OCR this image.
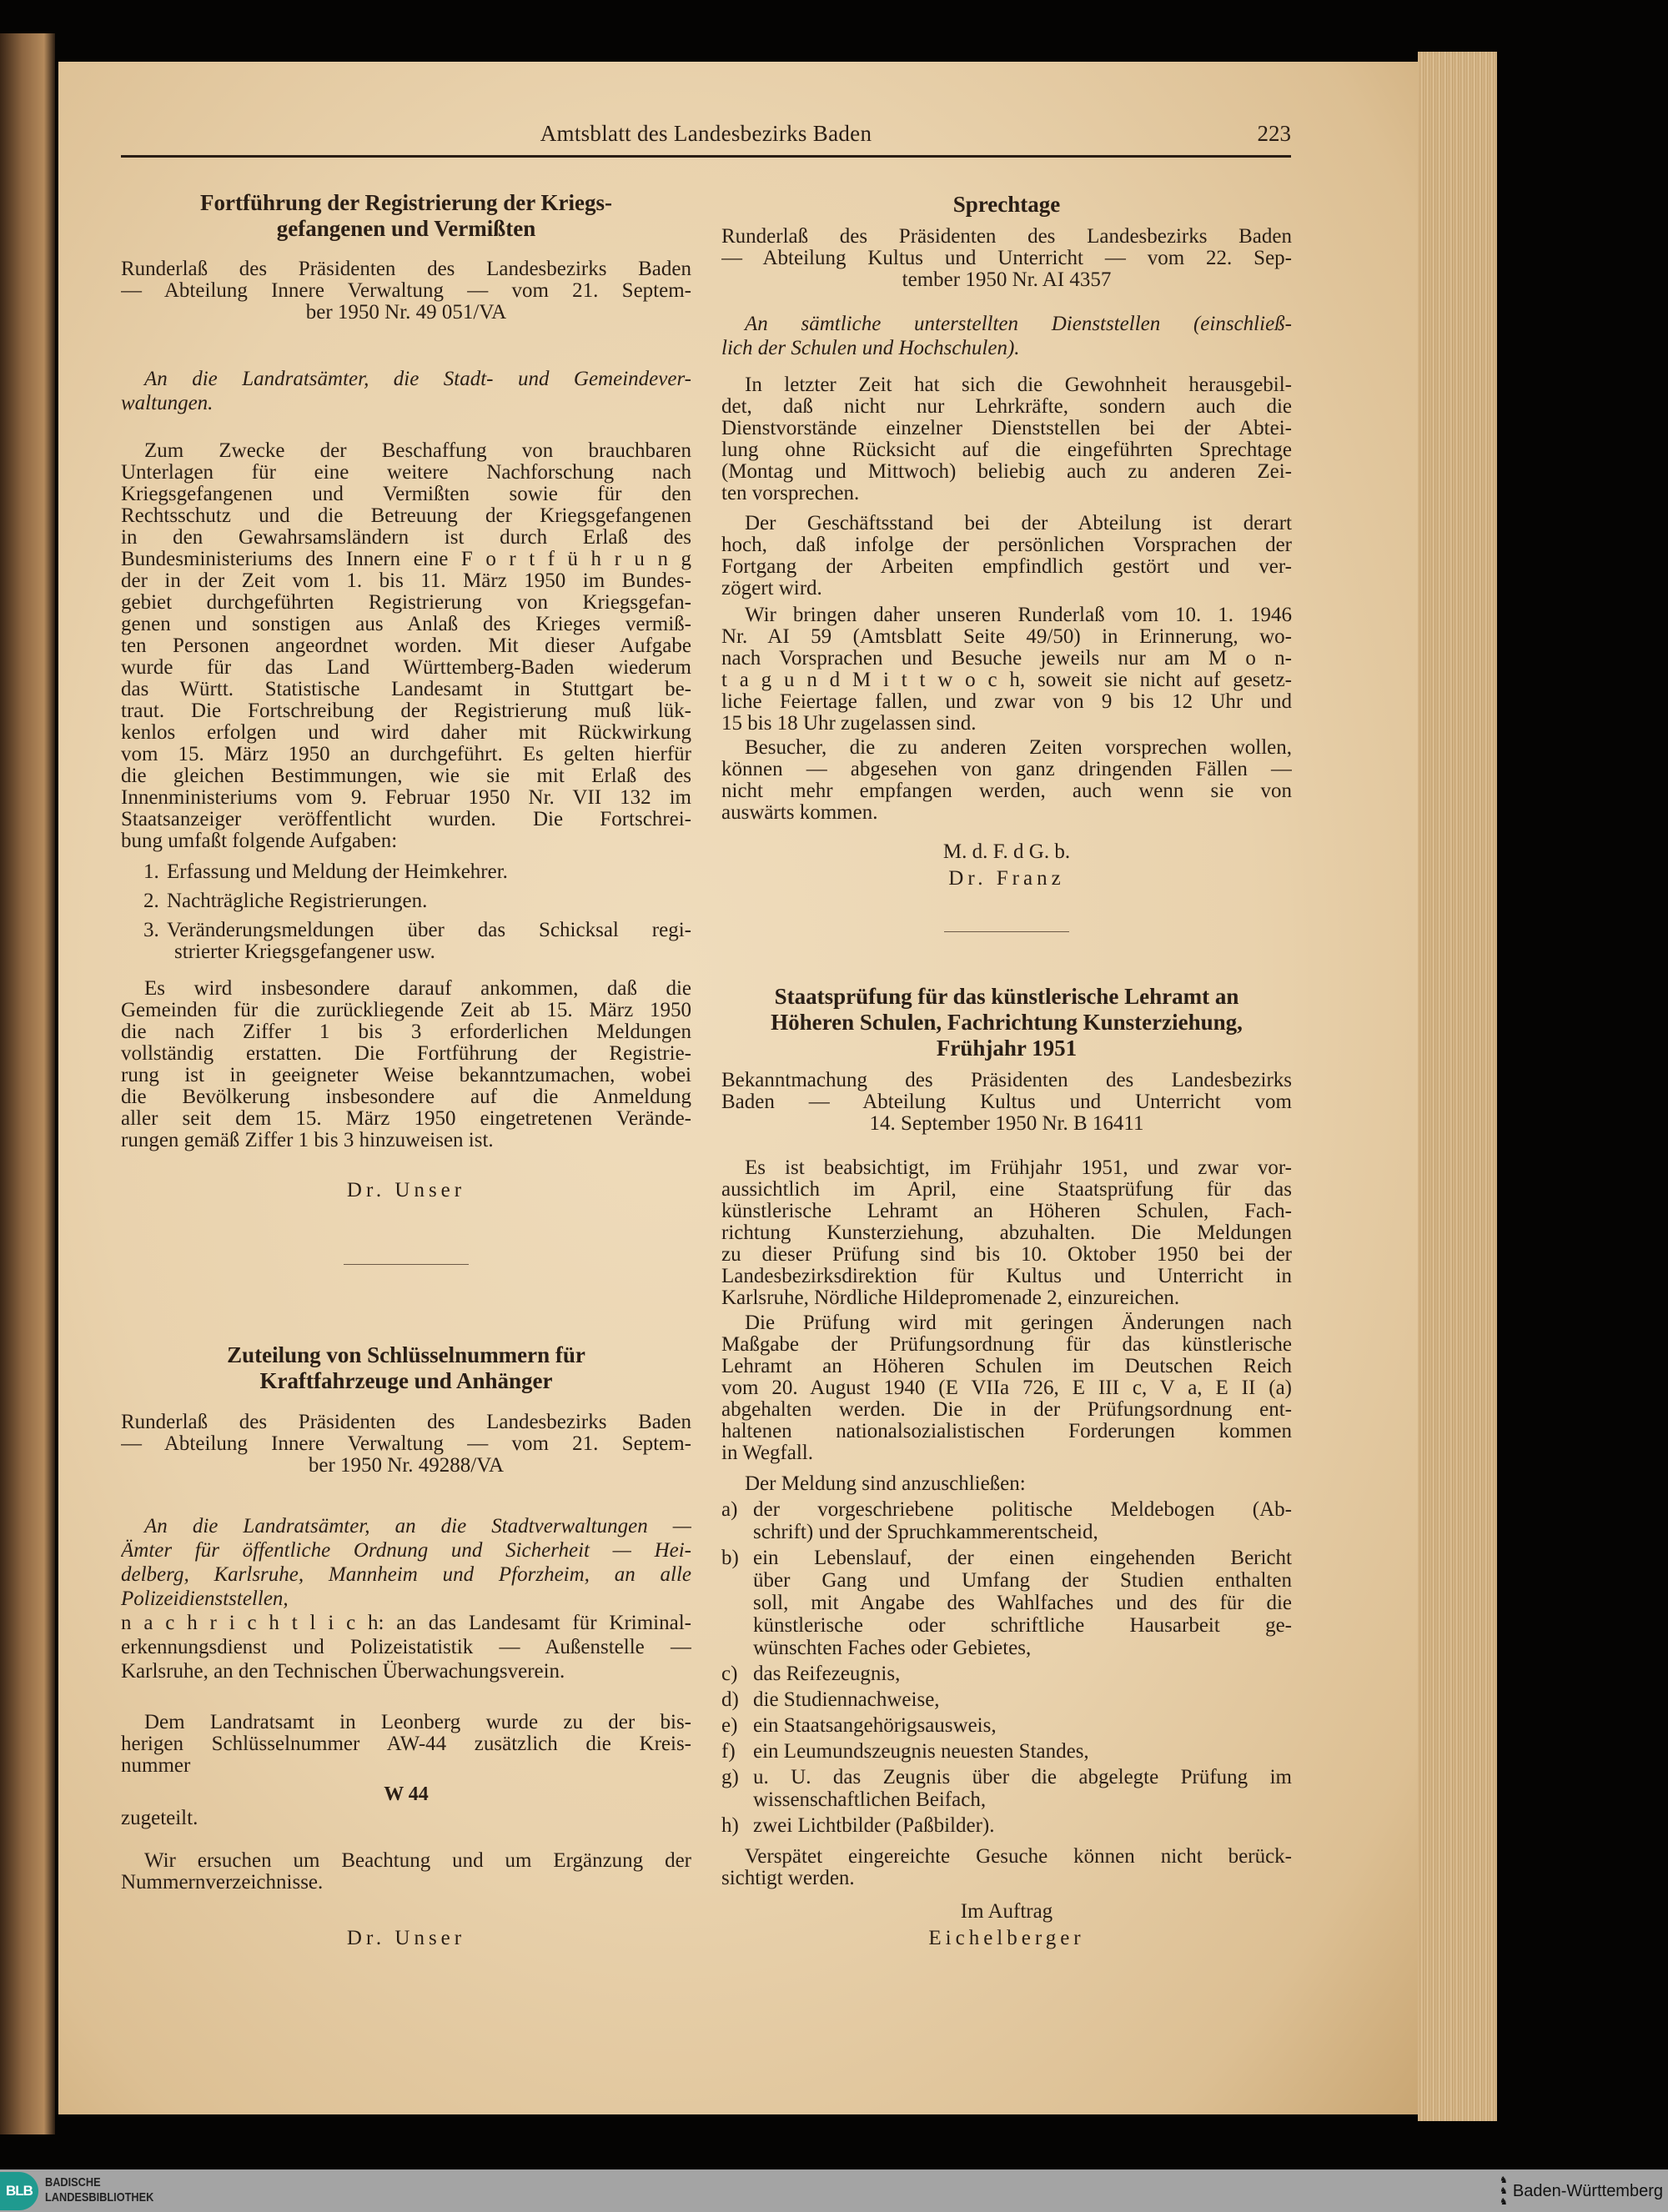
Amtsblatt des Landesbezirks Baden	223
Fortführung der Registrierung der Kriegs-
gefangenen und Vermißten
Runderlaß des Präsidenten des Landesbezirks Baden
— Abteilung Innere Verwaltung — vom 21. Septem-
ber 1950 Nr. 49 051/VA
An die Landratsämter, die Stadt- und Gemeindever-
waltungen.
Zum Zwecke der Beschaffung von brauchbaren
Unterlagen für eine weitere Nachforschung nach
Kriegsgefangenen und Vermißten sowie für den
Rechtsschutz und die Betreuung der Kriegsgefangenen
in den Gewahrsamsländern ist durch Erlaß des
Bundesministeriums des Innern eine F o r t f ü h r u n g
der in der Zeit vom 1. bis 11. März 1950 im Bundes-
gebiet durchgeführten Registrierung von Kriegsgefan-
genen und sonstigen aus Anlaß des Krieges vermiß-
ten Personen angeordnet worden. Mit dieser Aufgabe
wurde für das Land Württemberg-Baden wiederum
das Württ. Statistische Landesamt in Stuttgart be-
traut. Die Fortschreibung der Registrierung muß lük-
kenlos erfolgen und wird daher mit Rückwirkung
vom 15. März 1950 an durchgeführt. Es gelten hierfür
die gleichen Bestimmungen, wie sie mit Erlaß des
Innenministeriums vom 9. Februar 1950 Nr. VII 132 im
Staatsanzeiger veröffentlicht wurden. Die Fortschrei-
bung umfaßt folgende Aufgaben:
1. Erfassung und Meldung der Heimkehrer.
2. Nachträgliche Registrierungen.
3. Veränderungsmeldungen über das Schicksal regi-
strierter Kriegsgefangener usw.
Es wird insbesondere darauf ankommen, daß die
Gemeinden für die zurückliegende Zeit ab 15. März 1950
die nach Ziffer 1 bis 3 erforderlichen Meldungen
vollständig erstatten. Die Fortführung der Registrie-
rung ist in geeigneter Weise bekanntzumachen, wobei
die Bevölkerung insbesondere auf die Anmeldung
aller seit dem 15. März 1950 eingetretenen Verände-
rungen gemäß Ziffer 1 bis 3 hinzuweisen ist.
Dr. Unser
Zuteilung von Schlüsselnummern für
Kraftfahrzeuge und Anhänger
Runderlaß des Präsidenten des Landesbezirks Baden
— Abteilung Innere Verwaltung — vom 21. Septem-
ber 1950 Nr. 49288/VA
An die Landratsämter, an die Stadtverwaltungen —
Ämter für öffentliche Ordnung und Sicherheit — Hei-
delberg, Karlsruhe, Mannheim und Pforzheim, an alle
Polizeidienststellen,
n a c h r i c h t l i c h: an das Landesamt für Kriminal-
erkennungsdienst und Polizeistatistik — Außenstelle —
Karlsruhe, an den Technischen Überwachungsverein.
Dem Landratsamt in Leonberg wurde zu der bis-
herigen Schlüsselnummer AW-44 zusätzlich die Kreis-
nummer
W 44
zugeteilt.
Wir ersuchen um Beachtung und um Ergänzung der
Nummernverzeichnisse.
Dr. Unser
Sprechtage
Runderlaß des Präsidenten des Landesbezirks Baden
— Abteilung Kultus und Unterricht — vom 22. Sep-
tember 1950 Nr. AI 4357
An sämtliche unterstellten Dienststellen (einschließ-
lich der Schulen und Hochschulen).
In letzter Zeit hat sich die Gewohnheit herausgebil-
det, daß nicht nur Lehrkräfte, sondern auch die
Dienstvorstände einzelner Dienststellen bei der Abtei-
lung ohne Rücksicht auf die eingeführten Sprechtage
(Montag und Mittwoch) beliebig auch zu anderen Zei-
ten vorsprechen.
Der Geschäftsstand bei der Abteilung ist derart
hoch, daß infolge der persönlichen Vorsprachen der
Fortgang der Arbeiten empfindlich gestört und ver-
zögert wird.
Wir bringen daher unseren Runderlaß vom 10. 1. 1946
Nr. AI 59 (Amtsblatt Seite 49/50) in Erinnerung, wo-
nach Vorsprachen und Besuche jeweils nur am M o n-
t a g u n d M i t t w o c h, soweit sie nicht auf gesetz-
liche Feiertage fallen, und zwar von 9 bis 12 Uhr und
15 bis 18 Uhr zugelassen sind.
Besucher, die zu anderen Zeiten vorsprechen wollen,
können — abgesehen von ganz dringenden Fällen —
nicht mehr empfangen werden, auch wenn sie von
auswärts kommen.
M. d. F. d G. b.
Dr. Franz
Staatsprüfung für das künstlerische Lehramt an
Höheren Schulen, Fachrichtung Kunsterziehung,
Frühjahr 1951
Bekanntmachung des Präsidenten des Landesbezirks
Baden — Abteilung Kultus und Unterricht vom
14. September 1950 Nr. B 16411
Es ist beabsichtigt, im Frühjahr 1951, und zwar vor-
aussichtlich im April, eine Staatsprüfung für das
künstlerische Lehramt an Höheren Schulen, Fach-
richtung Kunsterziehung, abzuhalten. Die Meldungen
zu dieser Prüfung sind bis 10. Oktober 1950 bei der
Landesbezirksdirektion für Kultus und Unterricht in
Karlsruhe, Nördliche Hildepromenade 2, einzureichen.
Die Prüfung wird mit geringen Änderungen nach
Maßgabe der Prüfungsordnung für das künstlerische
Lehramt an Höheren Schulen im Deutschen Reich
vom 20. August 1940 (E VIIa 726, E III c, V a, E II (a)
abgehalten werden. Die in der Prüfungsordnung ent-
haltenen nationalsozialistischen Forderungen kommen
in Wegfall.
Der Meldung sind anzuschließen:
a) der vorgeschriebene politische Meldebogen (Ab-
schrift) und der Spruchkammerentscheid,
b) ein Lebenslauf, der einen eingehenden Bericht
über Gang und Umfang der Studien enthalten
soll, mit Angabe des Wahlfaches und des für die
künstlerische oder schriftliche Hausarbeit ge-
wünschten Faches oder Gebietes,
c) das Reifezeugnis,
d) die Studiennachweise,
e) ein Staatsangehörigsausweis,
f) ein Leumundszeugnis neuesten Standes,
g) u. U. das Zeugnis über die abgelegte Prüfung im
wissenschaftlichen Beifach,
h) zwei Lichtbilder (Paßbilder).
Verspätet eingereichte Gesuche können nicht berück-
sichtigt werden.
Im Auftrag
Eichelberger
BLB
BADISCHE
LANDESBIBLIOTHEK
♞
♞
♞
Baden-Württemberg
